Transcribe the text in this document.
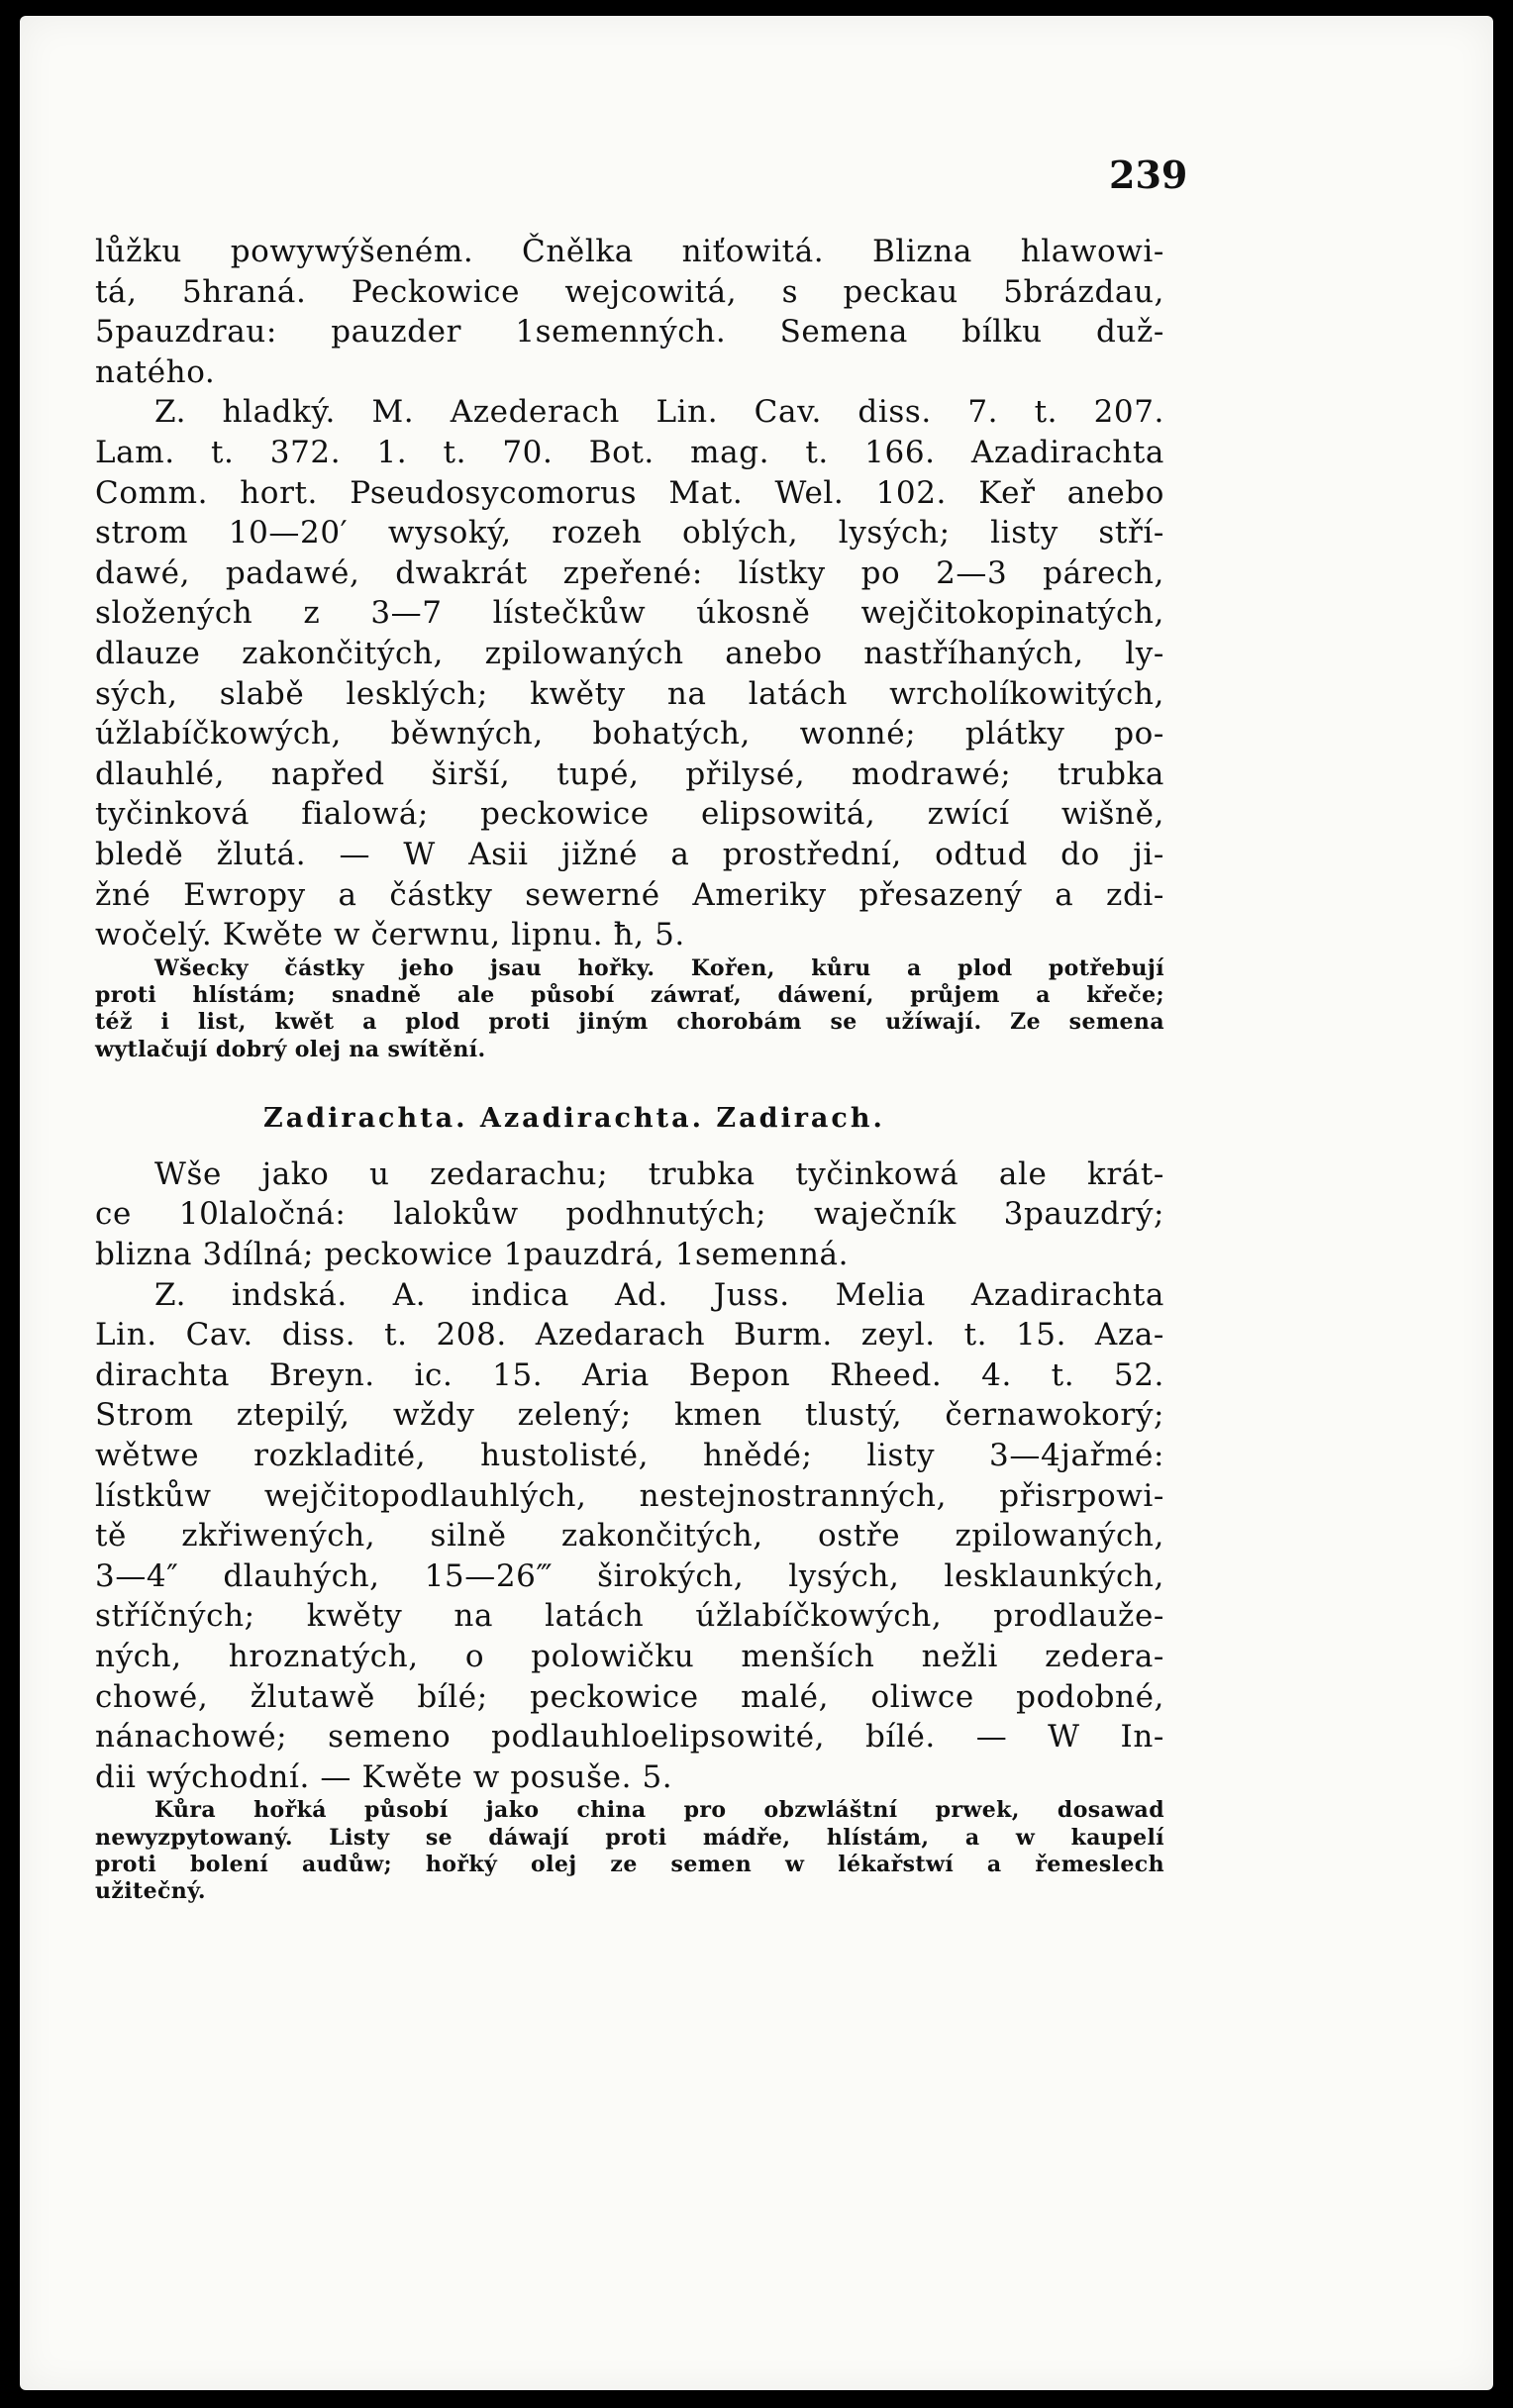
239
lůžku powywýšeném. Čnělka niťowitá. Blizna hlawowi-
tá, 5hraná. Peckowice wejcowitá, s peckau 5brázdau,
5pauzdrau: pauzder 1semenných. Semena bílku duž-
natého.
Z. hladký. M. Azederach Lin. Cav. diss. 7. t. 207.
Lam. t. 372. 1. t. 70. Bot. mag. t. 166. Azadirachta
Comm. hort. Pseudosycomorus Mat. Wel. 102. Keř anebo
strom 10—20′ wysoký, rozeh oblých, lysých; listy stří-
dawé, padawé, dwakrát zpeřené: lístky po 2—3 párech,
složených z 3—7 lístečkůw úkosně wejčitokopinatých,
dlauze zakončitých, zpilowaných anebo nastříhaných, ly-
sých, slabě lesklých; kwěty na latách wrcholíkowitých,
úžlabíčkowých, běwných, bohatých, wonné; plátky po-
dlauhlé, napřed širší, tupé, přilysé, modrawé; trubka
tyčinková fialowá; peckowice elipsowitá, zwící wišně,
bledě žlutá. — W Asii jižné a prostřední, odtud do ji-
žné Ewropy a částky sewerné Ameriky přesazený a zdi-
wočelý. Kwěte w čerwnu, lipnu. ħ, 5.
Wšecky částky jeho jsau hořky. Kořen, kůru a plod potřebují
proti hlístám; snadně ale působí záwrať, dáwení, průjem a křeče;
též i list, kwět a plod proti jiným chorobám se užíwají. Ze semena
wytlačují dobrý olej na swítění.
Zadirachta. Azadirachta. Zadirach.
Wše jako u zedarachu; trubka tyčinkowá ale krát-
ce 10laločná: lalokůw podhnutých; waječník 3pauzdrý;
blizna 3dílná; peckowice 1pauzdrá, 1semenná.
Z. indská. A. indica Ad. Juss. Melia Azadirachta
Lin. Cav. diss. t. 208. Azedarach Burm. zeyl. t. 15. Aza-
dirachta Breyn. ic. 15. Aria Bepon Rheed. 4. t. 52.
Strom ztepilý, wždy zelený; kmen tlustý, černawokorý;
wětwe rozkladité, hustolisté, hnědé; listy 3—4jařmé:
lístkůw wejčitopodlauhlých, nestejnostranných, přisrpowi-
tě zkřiwených, silně zakončitých, ostře zpilowaných,
3—4″ dlauhých, 15—26‴ širokých, lysých, lesklaunkých,
stříčných; kwěty na latách úžlabíčkowých, prodlauže-
ných, hroznatých, o polowičku menších nežli zedera-
chowé, žlutawě bílé; peckowice malé, oliwce podobné,
nánachowé; semeno podlauhloelipsowité, bílé. — W In-
dii wýchodní. — Kwěte w posuše. 5.
Kůra hořká působí jako china pro obzwláštní prwek, dosawad
newyzpytowaný. Listy se dáwají proti mádře, hlístám, a w kaupelí
proti bolení audůw; hořký olej ze semen w lékařstwí a řemeslech
užitečný.
